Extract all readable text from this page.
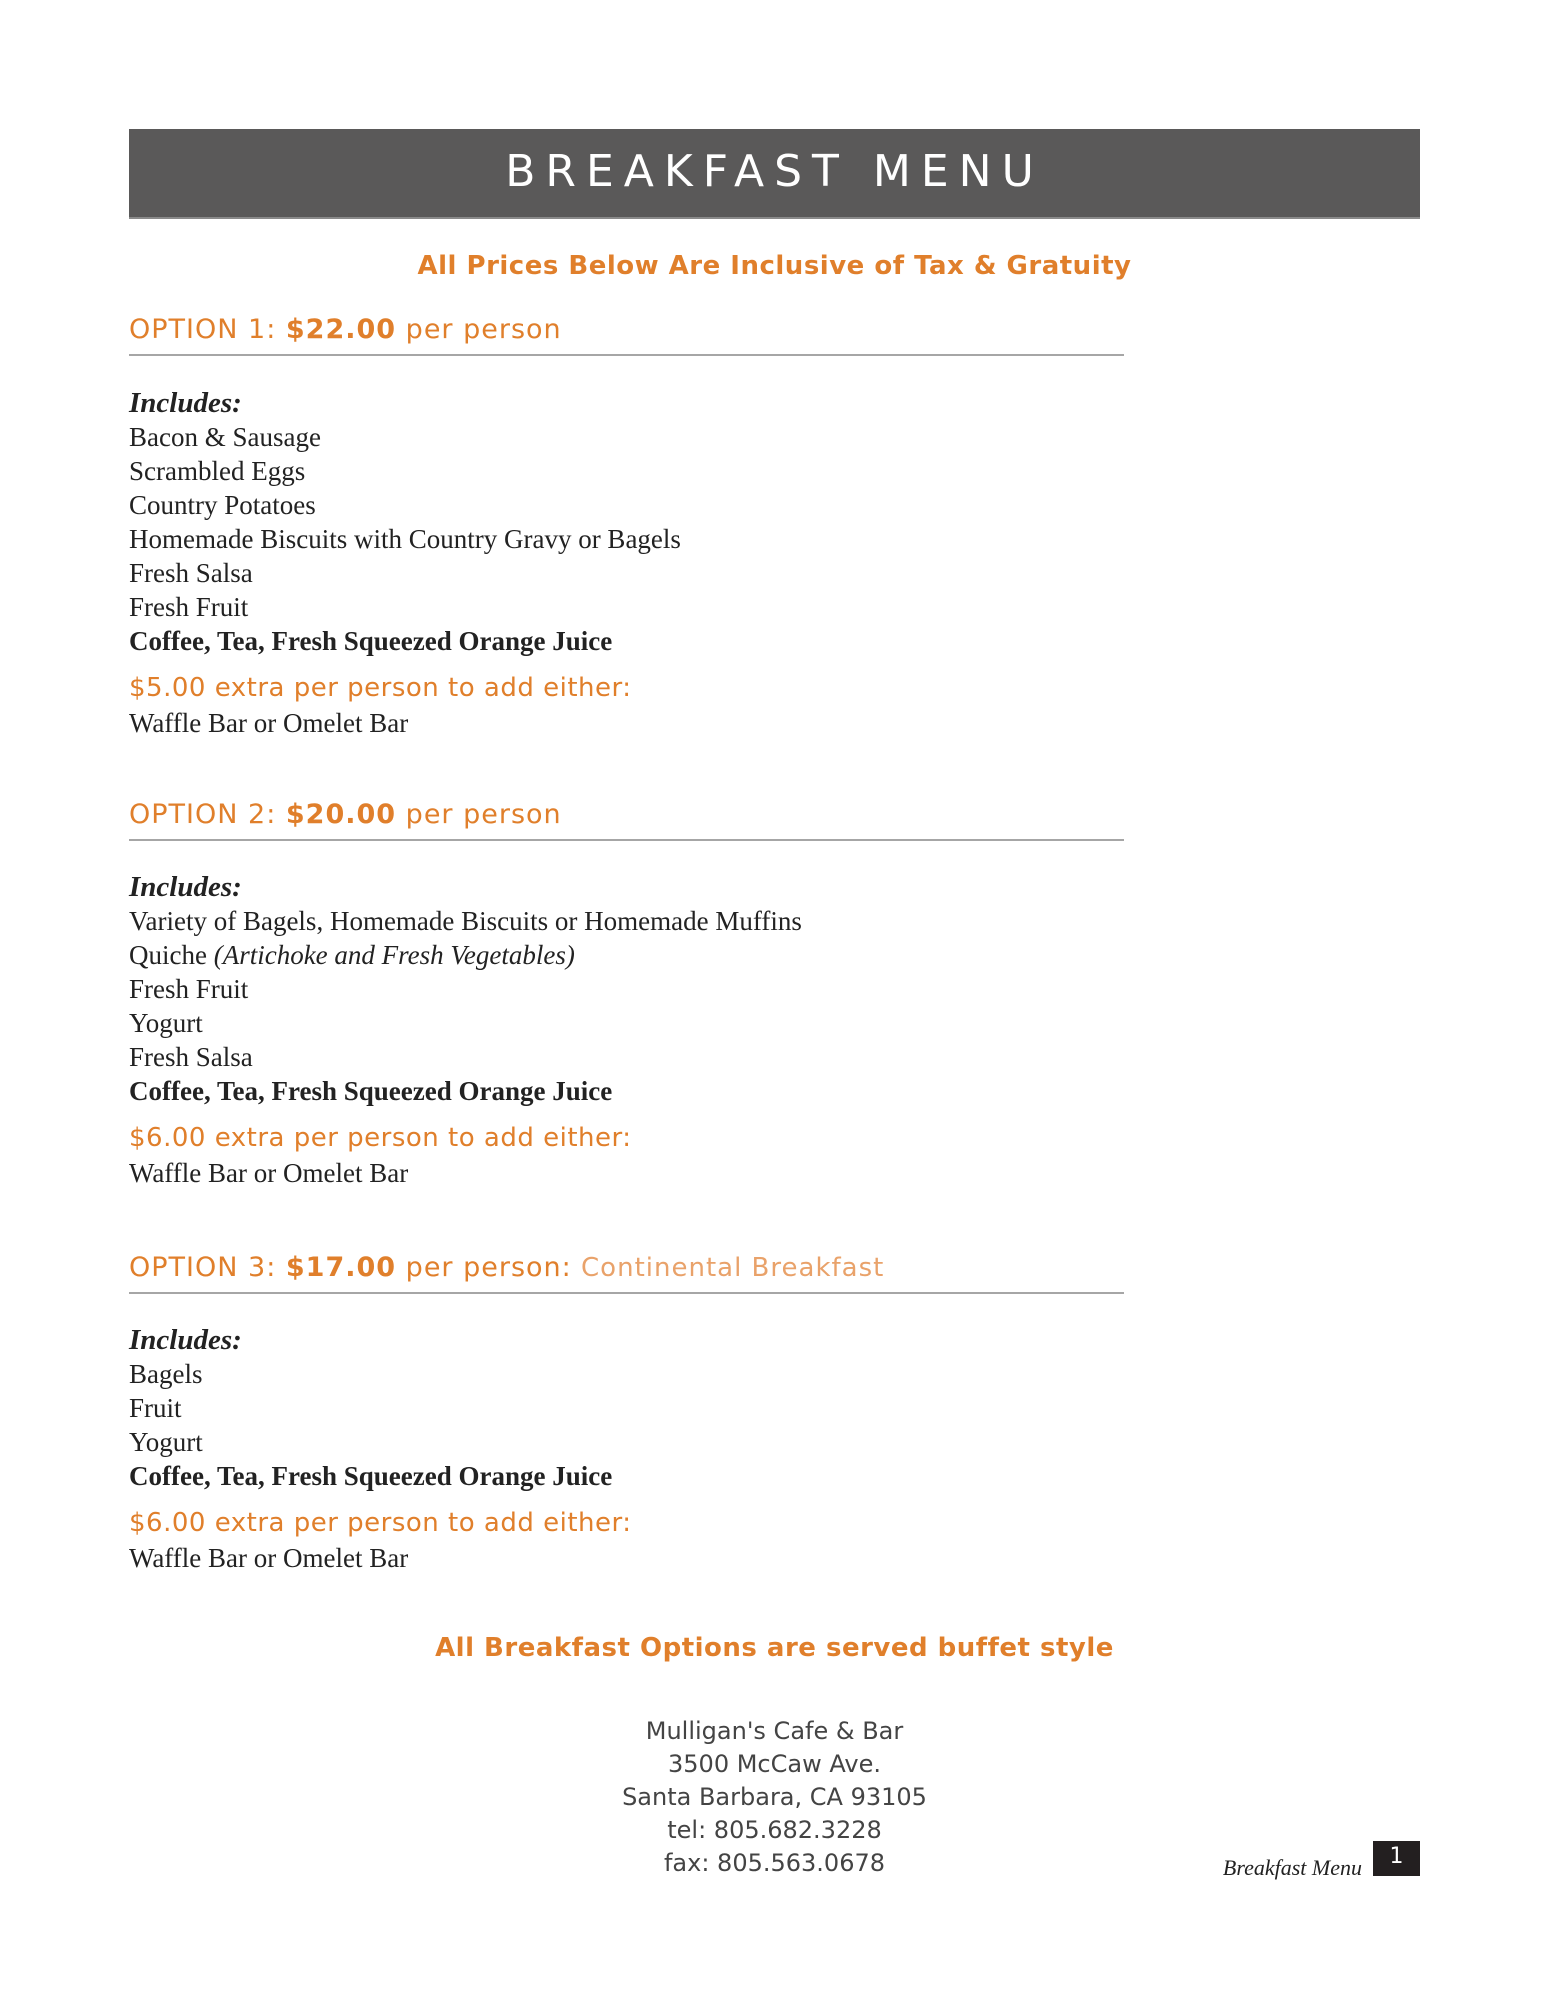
BREAKFAST MENU
All Prices Below Are Inclusive of Tax & Gratuity
OPTION 1: $22.00 per person
Includes:
Bacon & Sausage
Scrambled Eggs
Country Potatoes
Homemade Biscuits with Country Gravy or Bagels
Fresh Salsa
Fresh Fruit
Coffee, Tea, Fresh Squeezed Orange Juice
$5.00 extra per person to add either:
Waffle Bar or Omelet Bar
OPTION 2: $20.00 per person
Includes:
Variety of Bagels, Homemade Biscuits or Homemade Muffins
Quiche (Artichoke and Fresh Vegetables)
Fresh Fruit
Yogurt
Fresh Salsa
Coffee, Tea, Fresh Squeezed Orange Juice
$6.00 extra per person to add either:
Waffle Bar or Omelet Bar
OPTION 3: $17.00 per person: Continental Breakfast
Includes:
Bagels
Fruit
Yogurt
Coffee, Tea, Fresh Squeezed Orange Juice
$6.00 extra per person to add either:
Waffle Bar or Omelet Bar
All Breakfast Options are served buffet style
Mulligan's Cafe & Bar
3500 McCaw Ave.
Santa Barbara, CA 93105
tel: 805.682.3228
fax: 805.563.0678	Breakfast Menu	1
